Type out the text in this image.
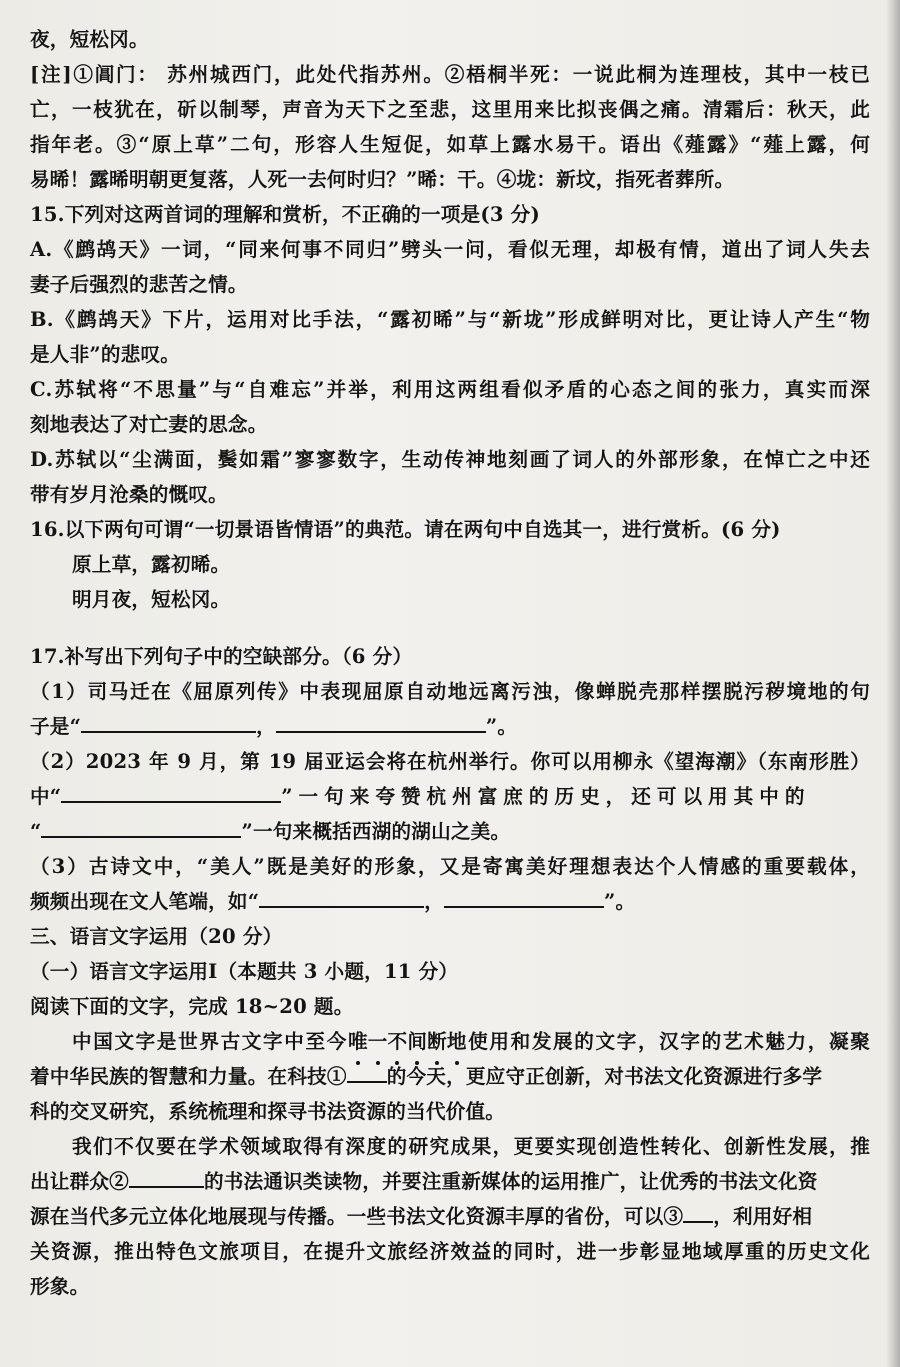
夜，短松冈。
[注]①阊门： 苏州城西门，此处代指苏州。②梧桐半死：一说此桐为连理枝，其中一枝已
亡，一枝犹在，斫以制琴，声音为天下之至悲，这里用来比拟丧偶之痛。清霜后：秋天，此
指年老。③“原上草”二句，形容人生短促，如草上露水易干。语出《薤露》“薤上露，何
易晞！露晞明朝更复落，人死一去何时归？”晞：干。④垅：新坟，指死者葬所。
15.下列对这两首词的理解和赏析，不正确的一项是(3 分)
A.《鹧鸪天》一词，“同来何事不同归”劈头一问，看似无理，却极有情，道出了词人失去
妻子后强烈的悲苦之情。
B.《鹧鸪天》下片，运用对比手法，“露初晞”与“新垅”形成鲜明对比，更让诗人产生“物
是人非”的悲叹。
C.苏轼将“不思量”与“自难忘”并举，利用这两组看似矛盾的心态之间的张力，真实而深
刻地表达了对亡妻的思念。
D.苏轼以“尘满面，鬓如霜”寥寥数字，生动传神地刻画了词人的外部形象，在悼亡之中还
带有岁月沧桑的慨叹。
16.以下两句可谓“一切景语皆情语”的典范。请在两句中自选其一，进行赏析。(6 分)
原上草，露初晞。
明月夜，短松冈。
17.补写出下列句子中的空缺部分。（6 分）
（1）司马迁在《屈原列传》中表现屈原自动地远离污浊，像蝉脱壳那样摆脱污秽境地的句
子是“	，	”。
（2）2023 年 9 月，第 19 届亚运会将在杭州举行。你可以用柳永《望海潮》（东南形胜）
中“	”一句来夸赞杭州富庶的历史，还可以用其中的
“	”一句来概括西湖的湖山之美。
（3）古诗文中，“美人”既是美好的形象，又是寄寓美好理想表达个人情感的重要载体，
频频出现在文人笔端，如“	，	”。
三、语言文字运用（20 分）
（一）语言文字运用Ⅰ（本题共 3 小题，11 分）
阅读下面的文字，完成 18~20 题。
中国文字是世界古文字中至今唯
一
不
间
断
地
使用和发展的文字，汉字的艺术魅力，凝聚
着中华民族的智慧和力量。在科技① 的今天，更应守正创新，对书法文化资源进行多学
科的交叉研究，系统梳理和探寻书法资源的当代价值。
我们不仅要在学术领域取得有深度的研究成果，更要实现创造性转化、创新性发展，推
出让群众②	的书法通识类读物，并要注重新媒体的运用推广，让优秀的书法文化资
源在当代多元立体化地展现与传播。一些书法文化资源丰厚的省份，可以③ ，利用好相
关资源，推出特色文旅项目，在提升文旅经济效益的同时，进一步彰显地域厚重的历史文化
形象。
